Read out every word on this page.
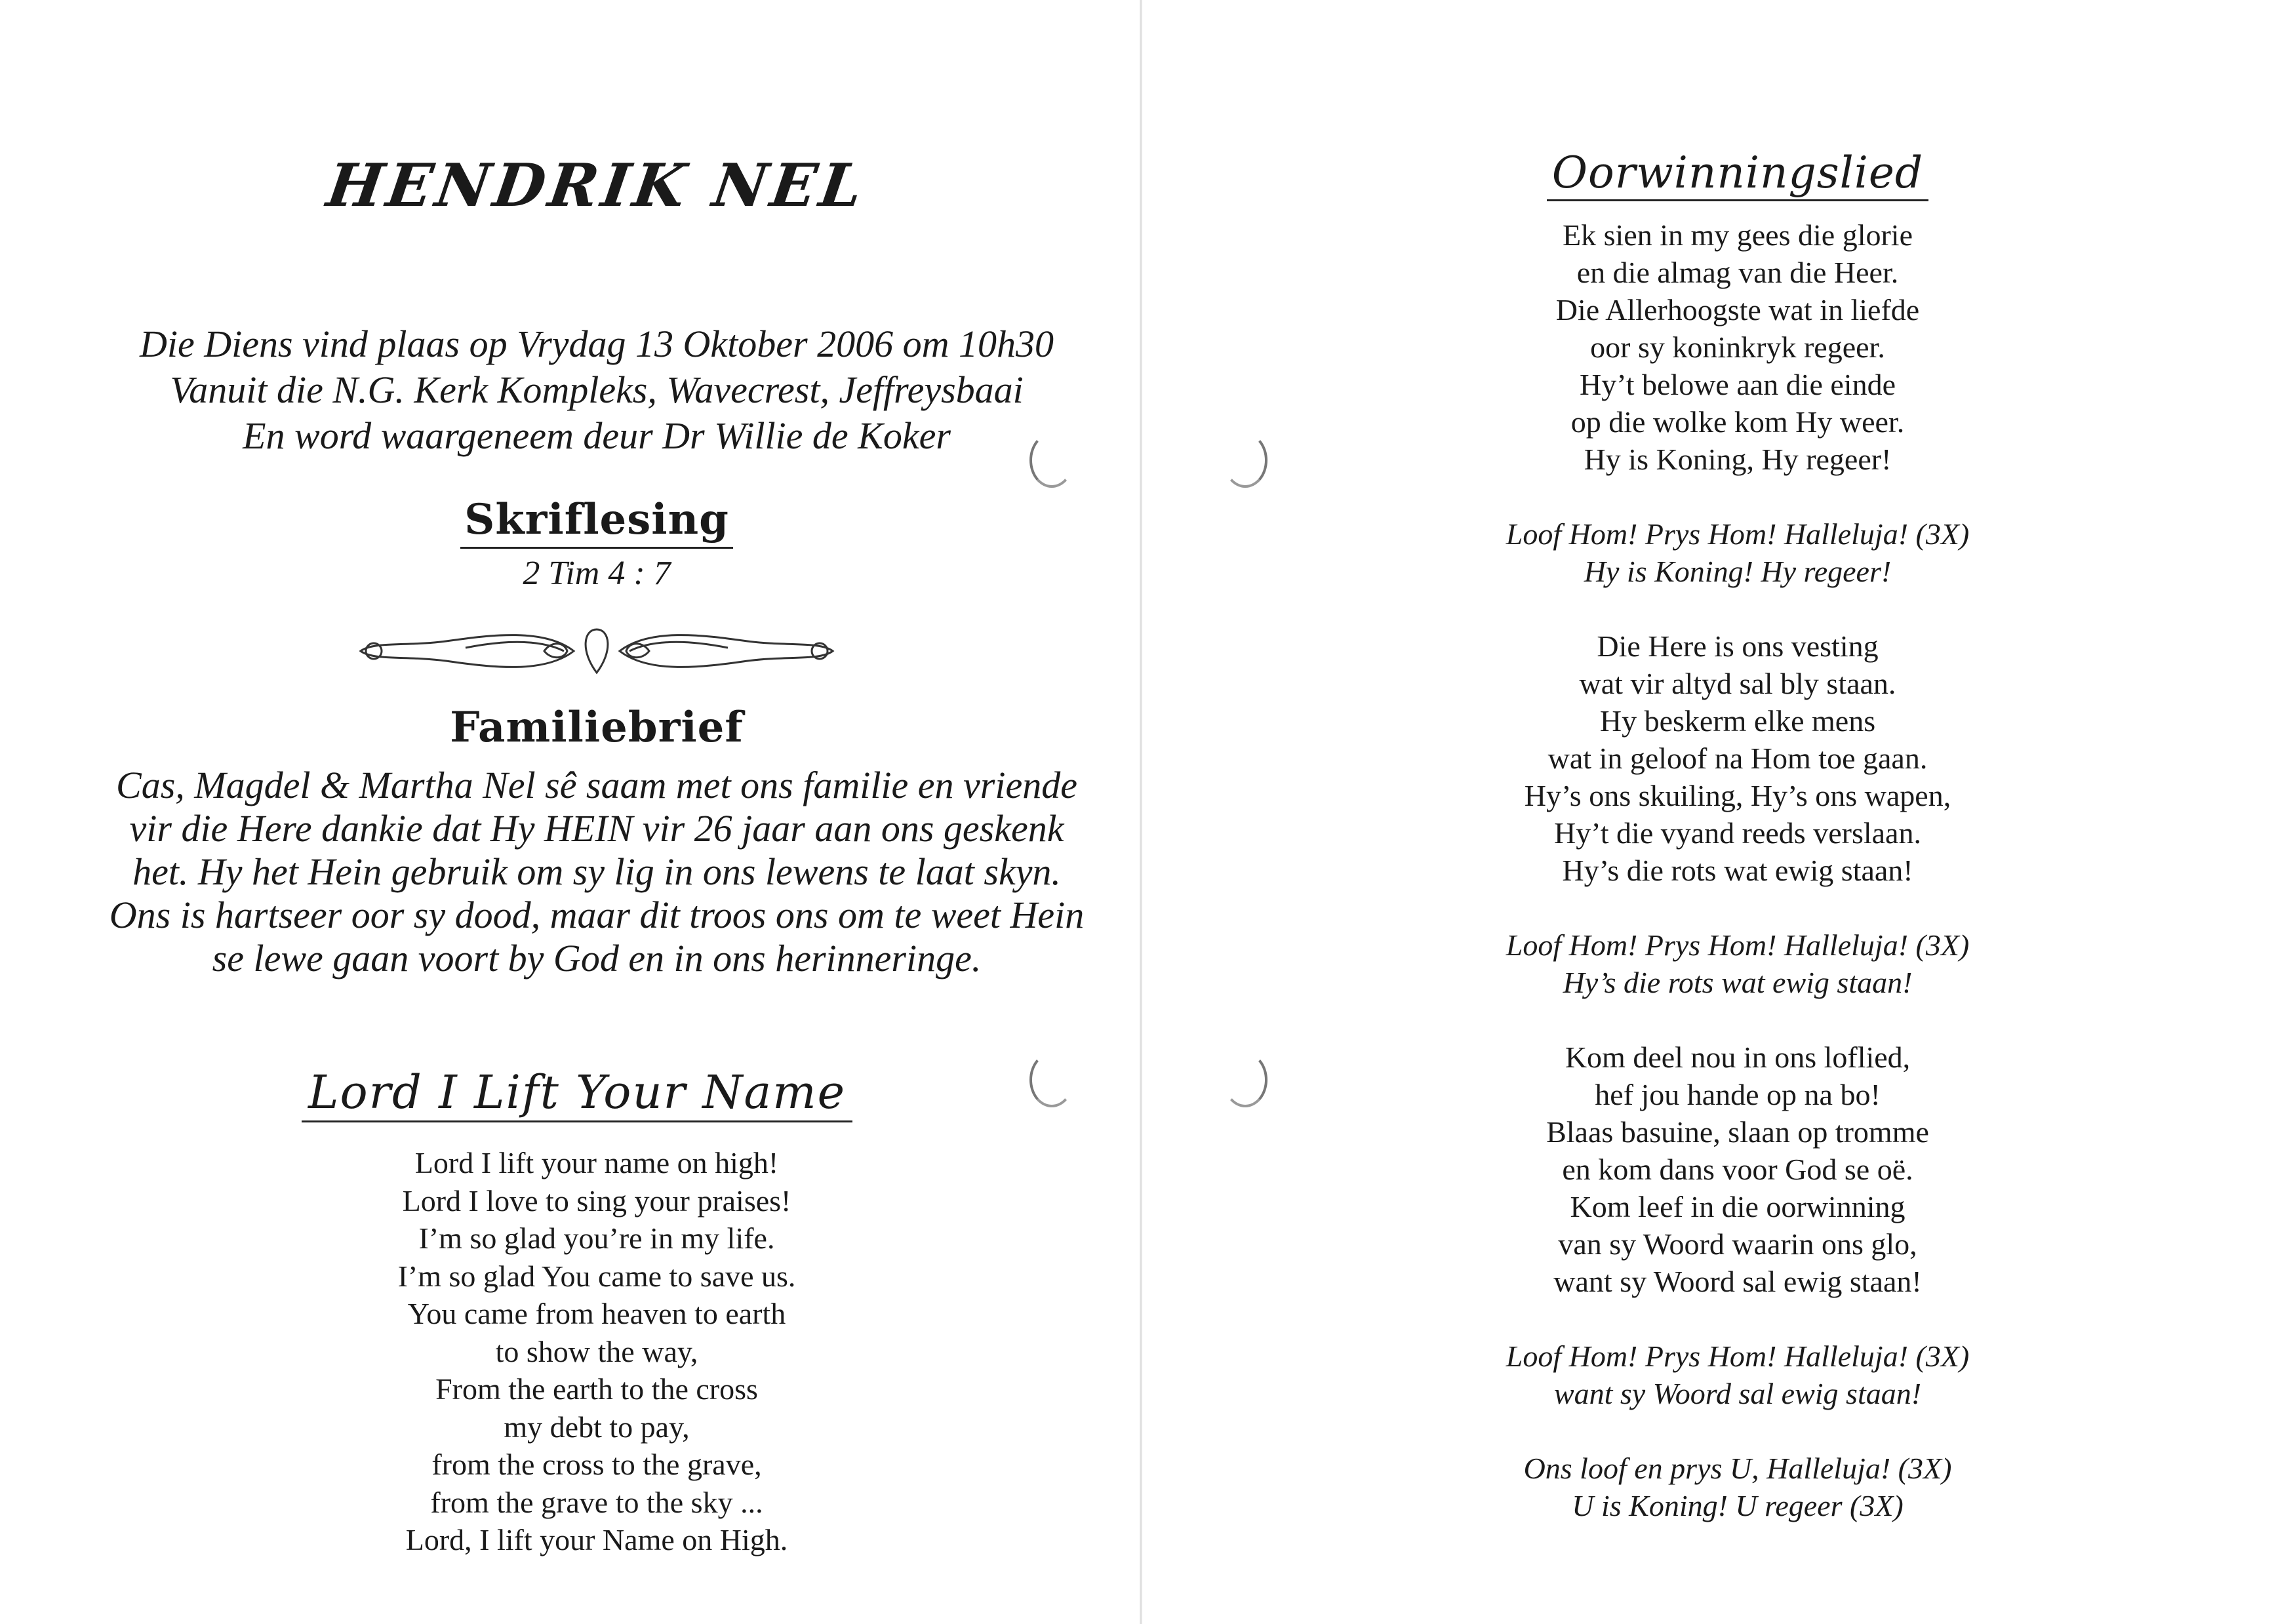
HENDRIK NEL
Die Diens vind plaas op Vrydag 13 Oktober 2006 om 10h30
Vanuit die N.G. Kerk Kompleks, Wavecrest, Jeffreysbaai
En word waargeneem deur Dr Willie de Koker
Skriflesing
2 Tim 4 : 7
Familiebrief
Cas, Magdel & Martha Nel sê saam met ons familie en vriende
vir die Here dankie dat Hy HEIN vir 26 jaar aan ons geskenk
het. Hy het Hein gebruik om sy lig in ons lewens te laat skyn.
Ons is hartseer oor sy dood, maar dit troos ons om te weet Hein
se lewe gaan voort by God en in ons herinneringe.
Lord I Lift Your Name
Lord I lift your name on high!
Lord I love to sing your praises!
I’m so glad you’re in my life.
I’m so glad You came to save us.
You came from heaven to earth
to show the way,
From the earth to the cross
my debt to pay,
from the cross to the grave,
from the grave to the sky ...
Lord, I lift your Name on High.
Oorwinningslied
Ek sien in my gees die glorie
en die almag van die Heer.
Die Allerhoogste wat in liefde
oor sy koninkryk regeer.
Hy’t belowe aan die einde
op die wolke kom Hy weer.
Hy is Koning, Hy regeer!
Loof Hom! Prys Hom! Halleluja! (3X)
Hy is Koning! Hy regeer!
Die Here is ons vesting
wat vir altyd sal bly staan.
Hy beskerm elke mens
wat in geloof na Hom toe gaan.
Hy’s ons skuiling, Hy’s ons wapen,
Hy’t die vyand reeds verslaan.
Hy’s die rots wat ewig staan!
Loof Hom! Prys Hom! Halleluja! (3X)
Hy’s die rots wat ewig staan!
Kom deel nou in ons loflied,
hef jou hande op na bo!
Blaas basuine, slaan op tromme
en kom dans voor God se oë.
Kom leef in die oorwinning
van sy Woord waarin ons glo,
want sy Woord sal ewig staan!
Loof Hom! Prys Hom! Halleluja! (3X)
want sy Woord sal ewig staan!
Ons loof en prys U, Halleluja! (3X)
U is Koning! U regeer (3X)
